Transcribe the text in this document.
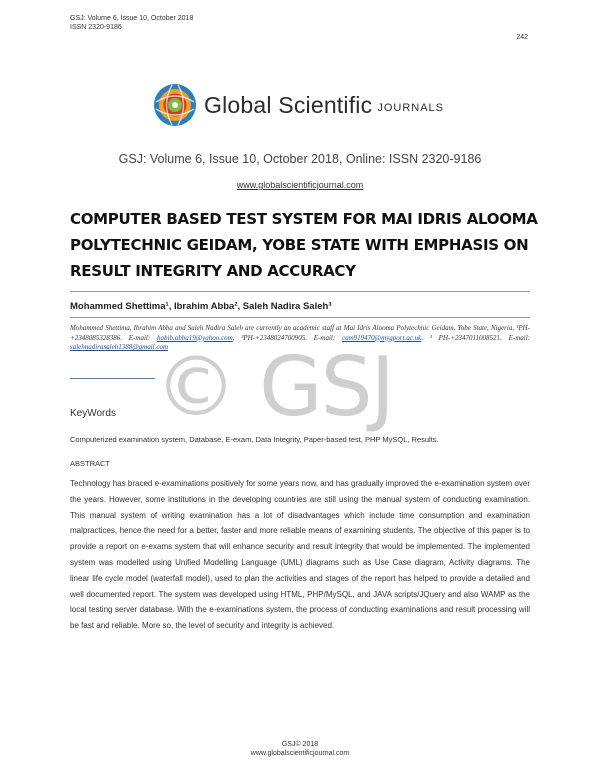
GSJ: Volume 6, Issue 10, October 2018
ISSN 2320-9186
242
Global Scientific JOURNALS
GSJ: Volume 6, Issue 10, October 2018, Online: ISSN 2320-9186
www.globalscientificjournal.com
COMPUTER BASED TEST SYSTEM FOR MAI IDRIS ALOOMA POLYTECHNIC GEIDAM, YOBE STATE WITH EMPHASIS ON RESULT INTEGRITY AND ACCURACY
Mohammed Shettima¹, Ibrahim Abba², Saleh Nadira Saleh³
Mohammed Shettima, Ibrahim Abba and Saleh Nadira Saleh are currently an academic staff at Mai Idris Alooma Polytechnic Geidam, Yobe State, Nigeria, ¹PH-+2348085328386. E-mail: habib.abba19@yahoo.com, ²PH-+2348024700905. E-mail: cam919470@mygport.ac.uk, ³ PH-+2347011008521. E-mail: salehnadirasaleh1388@gmail.com
© GSJ
KeyWords
Computerized examination system, Database, E-exam, Data Integrity, Paper-based test, PHP MySQL, Results.
ABSTRACT
Technology has braced e-examinations positively for some years now, and has gradually improved the e-examination system over the years. However, some institutions in the developing countries are still using the manual system of conducting examination. This manual system of writing examination has a lot of disadvantages which include time consumption and examination malpractices, hence the need for a better, faster and more reliable means of examining students. The objective of this paper is to provide a report on e-exams system that will enhance security and result integrity that would be implemented. The implemented system was modelled using Unified Modelling Language (UML) diagrams such as Use Case diagram, Activity diagrams. The linear life cycle model (waterfall model), used to plan the activities and stages of the report has helped to provide a detailed and well documented report. The system was developed using HTML, PHP/MySQL, and JAVA scripts/JQuery and also WAMP as the local testing server database. With the e-examinations system, the process of conducting examinations and result processing will be fast and reliable. More so, the level of security and integrity is achieved.
GSJ© 2018
www.globalscientificjournal.com
